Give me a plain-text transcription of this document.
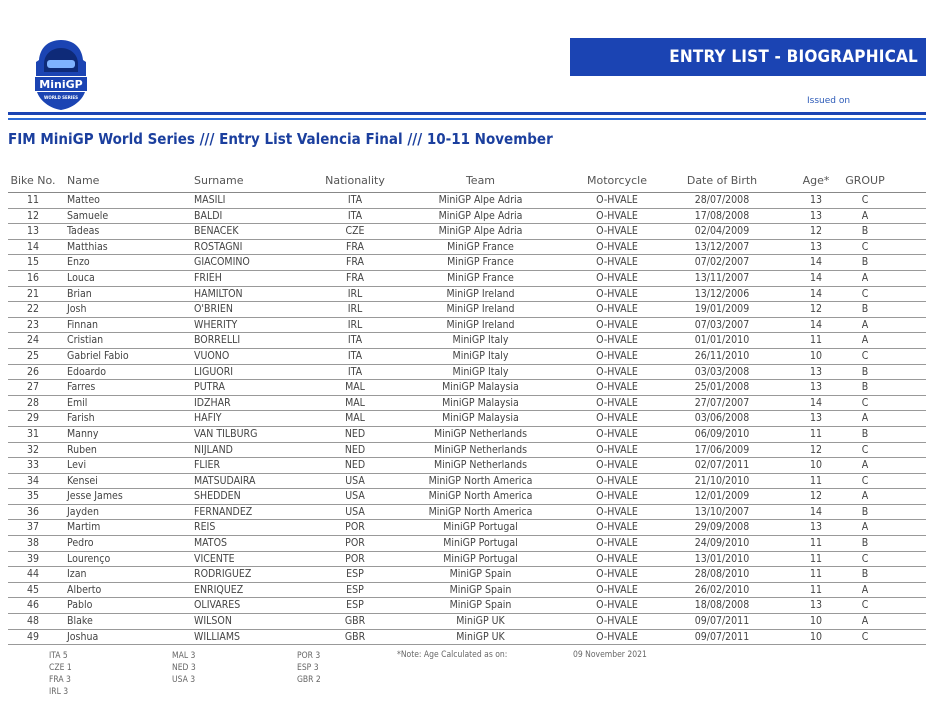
MiniGP
WORLD SERIES
ENTRY LIST - BIOGRAPHICAL
Issued on
FIM MiniGP World Series /// Entry List Valencia Final /// 10-11 November
Bike No. Name	Surname	Nationality	Team	Motorcycle	Date of Birth	Age*	GROUP
11	Matteo	MASILI	ITA	MiniGP Alpe Adria	O-HVALE	28/07/2008	13	C
12	Samuele	BALDI	ITA	MiniGP Alpe Adria	O-HVALE	17/08/2008	13	A
13	Tadeas	BENACEK	CZE	MiniGP Alpe Adria	O-HVALE	02/04/2009	12	B
14	Matthias	ROSTAGNI	FRA	MiniGP France	O-HVALE	13/12/2007	13	C
15	Enzo	GIACOMINO	FRA	MiniGP France	O-HVALE	07/02/2007	14	B
16	Louca	FRIEH	FRA	MiniGP France	O-HVALE	13/11/2007	14	A
21	Brian	HAMILTON	IRL	MiniGP Ireland	O-HVALE	13/12/2006	14	C
22	Josh	O'BRIEN	IRL	MiniGP Ireland	O-HVALE	19/01/2009	12	B
23	Finnan	WHERITY	IRL	MiniGP Ireland	O-HVALE	07/03/2007	14	A
24	Cristian	BORRELLI	ITA	MiniGP Italy	O-HVALE	01/01/2010	11	A
25	Gabriel Fabio	VUONO	ITA	MiniGP Italy	O-HVALE	26/11/2010	10	C
26	Edoardo	LIGUORI	ITA	MiniGP Italy	O-HVALE	03/03/2008	13	B
27	Farres	PUTRA	MAL	MiniGP Malaysia	O-HVALE	25/01/2008	13	B
28	Emil	IDZHAR	MAL	MiniGP Malaysia	O-HVALE	27/07/2007	14	C
29	Farish	HAFIY	MAL	MiniGP Malaysia	O-HVALE	03/06/2008	13	A
31	Manny	VAN TILBURG	NED	MiniGP Netherlands	O-HVALE	06/09/2010	11	B
32	Ruben	NIJLAND	NED	MiniGP Netherlands	O-HVALE	17/06/2009	12	C
33	Levi	FLIER	NED	MiniGP Netherlands	O-HVALE	02/07/2011	10	A
34	Kensei	MATSUDAIRA	USA	MiniGP North America	O-HVALE	21/10/2010	11	C
35	Jesse James	SHEDDEN	USA	MiniGP North America	O-HVALE	12/01/2009	12	A
36	Jayden	FERNANDEZ	USA	MiniGP North America	O-HVALE	13/10/2007	14	B
37	Martim	REIS	POR	MiniGP Portugal	O-HVALE	29/09/2008	13	A
38	Pedro	MATOS	POR	MiniGP Portugal	O-HVALE	24/09/2010	11	B
39	Lourenço	VICENTE	POR	MiniGP Portugal	O-HVALE	13/01/2010	11	C
44	Izan	RODRIGUEZ	ESP	MiniGP Spain	O-HVALE	28/08/2010	11	B
45	Alberto	ENRIQUEZ	ESP	MiniGP Spain	O-HVALE	26/02/2010	11	A
46	Pablo	OLIVARES	ESP	MiniGP Spain	O-HVALE	18/08/2008	13	C
48	Blake	WILSON	GBR	MiniGP UK	O-HVALE	09/07/2011	10	A
49	Joshua	WILLIAMS	GBR	MiniGP UK	O-HVALE	09/07/2011	10	C
ITA 5
CZE 1
FRA 3
IRL 3
MAL 3
NED 3
USA 3
POR 3
ESP 3
GBR 2
*Note: Age Calculated as on:	09 November 2021
